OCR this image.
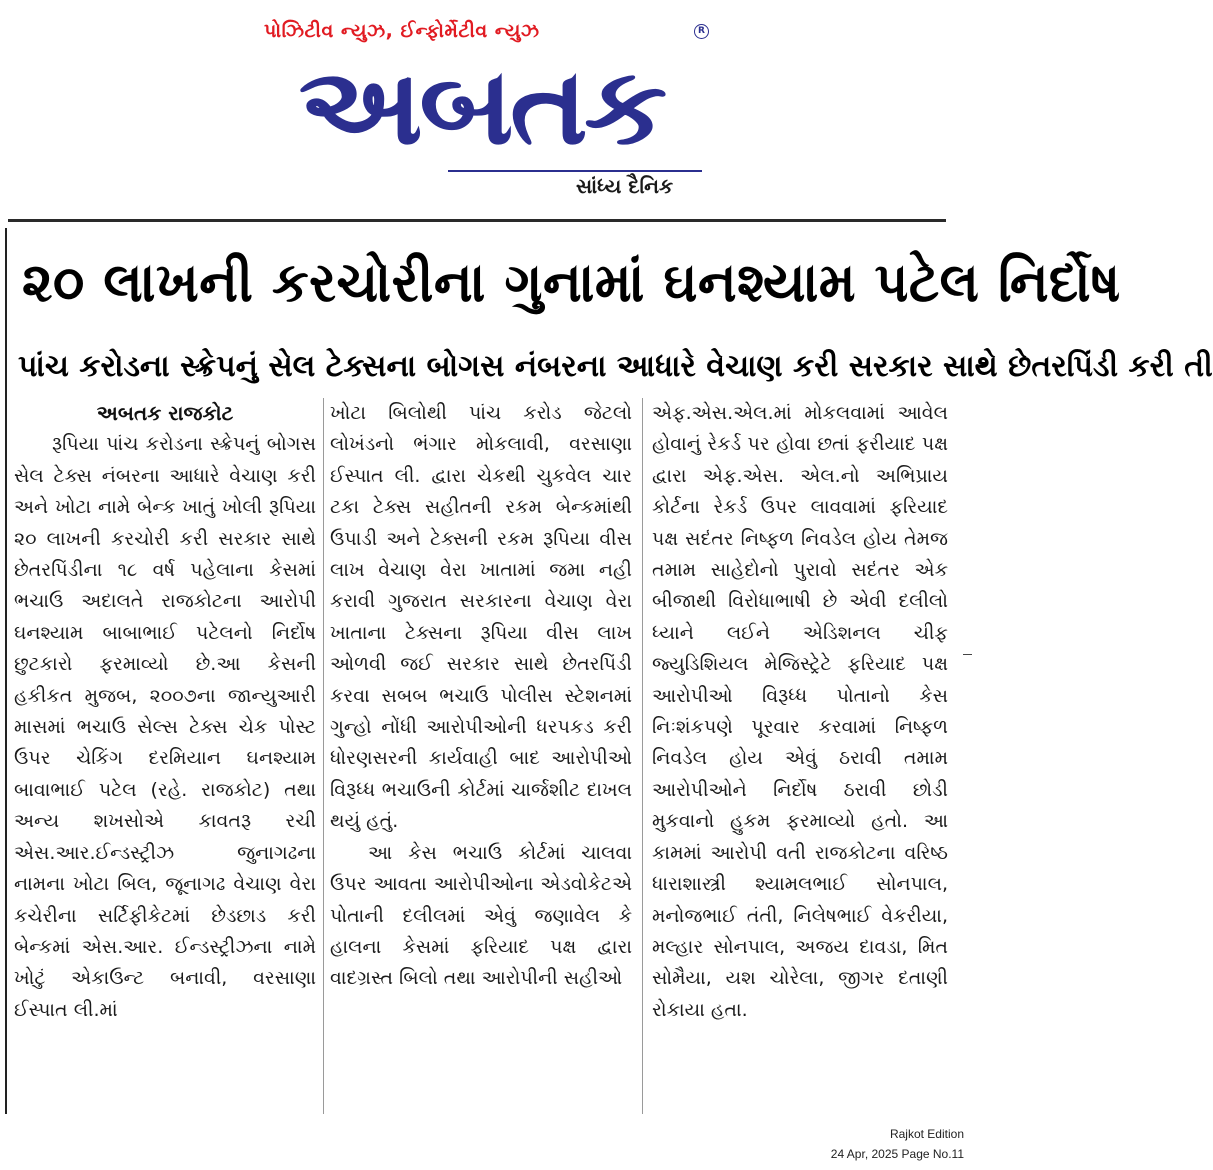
પોઝિટીવ ન્યુઝ, ઈન્ફોર્મેટીવ ન્યુઝ	R
અબતક
સાંધ્ય દૈનિક
૨૦ લાખની કરચોરીના ગુનામાં ઘનશ્યામ પટેલ નિર્દોષ
પાંચ કરોડના સ્ક્રેપનું સેલ ટેક્સના બોગસ નંબરના આધારે વેચાણ કરી સરકાર સાથે છેતરપિંડી કરી તી
અબતક રાજકોટ

રૂપિયા પાંચ કરોડના સ્ક્રેપનું બોગસ સેલ ટેક્સ નંબરના આધારે વેચાણ કરી અને ખોટા નામે બેન્ક ખાતું ખોલી રૂપિયા ૨૦ લાખની કરચોરી કરી સરકાર સાથે છેતરપિંડીના ૧૮ વર્ષ પહેલાના કેસમાં ભચાઉ અદાલતે રાજકોટના આરોપી ઘનશ્યામ બાબાભાઈ પટેલનો નિર્દોષ છુટકારો ફરમાવ્યો છે.આ કેસની હકીકત મુજબ, ૨૦૦૭ના જાન્યુઆરી માસમાં ભચાઉ સેલ્સ ટેક્સ ચેક પોસ્ટ ઉપર ચેકિંગ દરમિયાન ઘનશ્યામ બાવાભાઈ પટેલ (રહે. રાજકોટ) તથા અન્ય શખસોએ કાવતરૂ રચી એસ.આર.ઈન્ડસ્ટ્રીઝ જુનાગઢના નામના ખોટા બિલ, જૂનાગઢ વેચાણ વેરા કચેરીના સર્ટિફીકેટમાં છેડછાડ કરી બેન્કમાં એસ.આર. ઈન્ડસ્ટ્રીઝના નામે ખોટું એકાઉન્ટ બનાવી, વરસાણા ઈસ્પાત લી.માં

ખોટા બિલોથી પાંચ કરોડ જેટલો લોખંડનો ભંગાર મોકલાવી, વરસાણા ઈસ્પાત લી. દ્વારા ચેકથી ચુકવેલ ચાર ટકા ટેક્સ સહીતની રકમ બેન્કમાંથી ઉપાડી અને ટેક્સની રકમ રૂપિયા વીસ લાખ વેચાણ વેરા ખાતામાં જમા નહી કરાવી ગુજરાત સરકારના વેચાણ વેરા ખાતાના ટેક્સના રૂપિયા વીસ લાખ ઓળવી જઈ સરકાર સાથે છેતરપિંડી કરવા સબબ ભચાઉ પોલીસ સ્ટેશનમાં ગુન્હો નોંધી આરોપીઓની ધરપકડ કરી ધોરણસરની કાર્યવાહી બાદ આરોપીઓ વિરૂધ્ધ ભચાઉની કોર્ટમાં ચાર્જશીટ દાખલ થયું હતું.

આ કેસ ભચાઉ કોર્ટમાં ચાલવા ઉપર આવતા આરોપીઓના એડવોકેટએ પોતાની દલીલમાં એવું જણાવેલ કે હાલના કેસમાં ફરિયાદ પક્ષ દ્વારા વાદગ્રસ્ત બિલો તથા આરોપીની સહીઓ

એફ.એસ.એલ.માં મોકલવામાં આવેલ હોવાનું રેકર્ડ પર હોવા છતાં ફરીયાદ પક્ષ દ્વારા એફ.એસ. એલ.નો અભિપ્રાય કોર્ટના રેકર્ડ ઉપર લાવવામાં ફરિયાદ પક્ષ સદંતર નિષ્ફળ નિવડેલ હોય તેમજ તમામ સાહેદોનો પુરાવો સદંતર એક બીજાથી વિરોધાભાષી છે એવી દલીલો ધ્યાને લઈને એડિશનલ ચીફ જ્યુડિશિયલ મેજિસ્ટ્રેટે ફરિયાદ પક્ષ આરોપીઓ વિરૂધ્ધ પોતાનો કેસ નિઃશંકપણે પૂરવાર કરવામાં નિષ્ફળ નિવડેલ હોય એવું ઠરાવી તમામ આરોપીઓને નિર્દોષ ઠરાવી છોડી મુકવાનો હુકમ ફરમાવ્યો હતો. આ કામમાં આરોપી વતી રાજકોટના વરિષ્ઠ ધારાશાસ્ત્રી શ્યામલભાઈ સોનપાલ, મનોજભાઈ તંતી, નિલેષભાઈ વેકરીયા, મલ્હાર સોનપાલ, અજય દાવડા, મિત સોમૈયા, યશ ચોરેલા, જીગર દતાણી રોકાયા હતા.

Rajkot Edition
24 Apr, 2025 Page No.11
